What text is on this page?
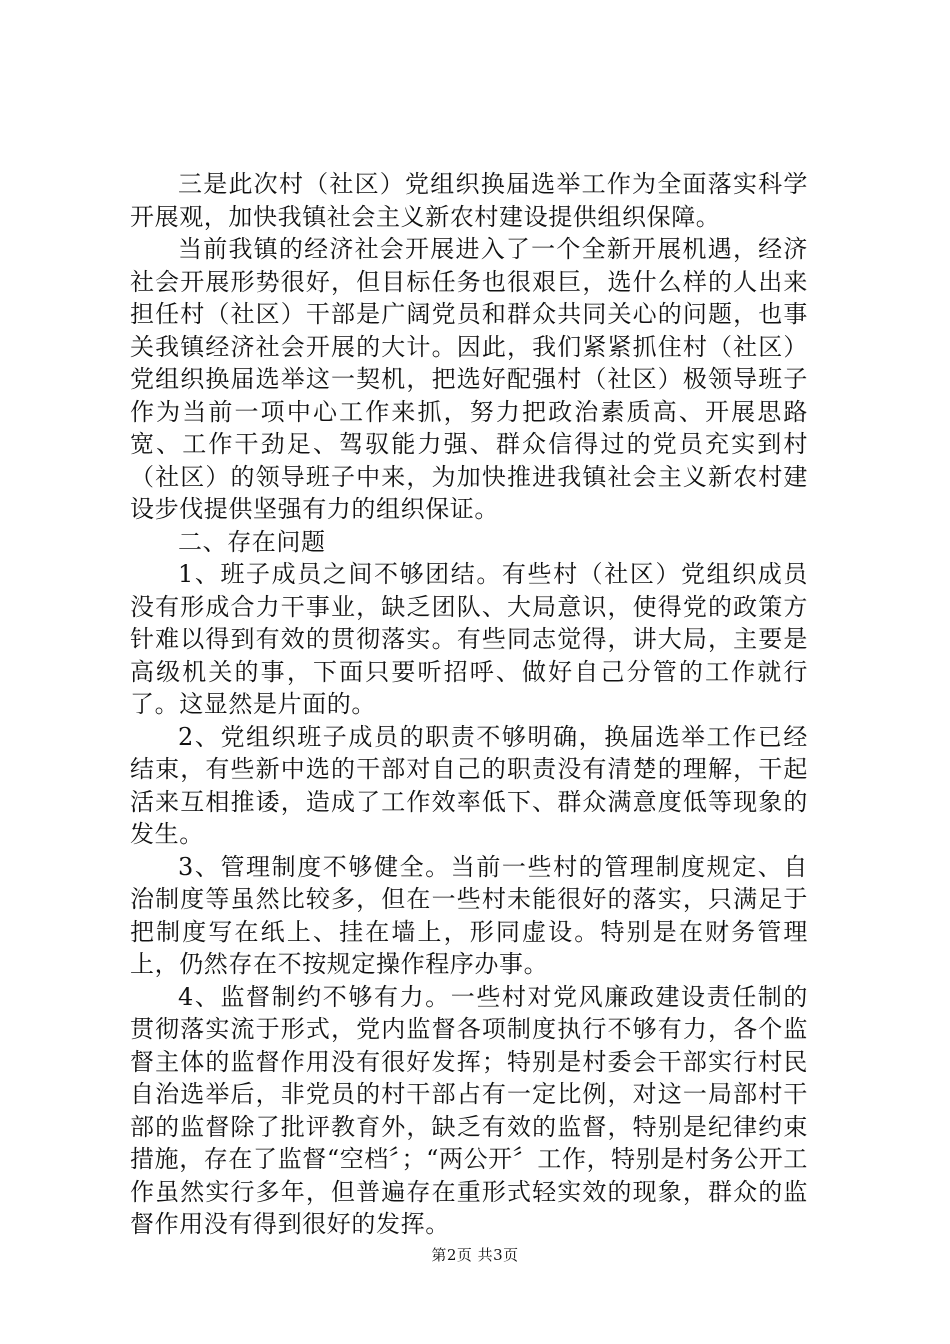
三是此次村（社区）党组织换届选举工作为全面落实科学开展观，加快我镇社会主义新农村建设提供组织保障。

当前我镇的经济社会开展进入了一个全新开展机遇，经济社会开展形势很好，但目标任务也很艰巨，选什么样的人出来担任村（社区）干部是广阔党员和群众共同关心的问题，也事关我镇经济社会开展的大计。因此，我们紧紧抓住村（社区）党组织换届选举这一契机，把选好配强村（社区）极领导班子作为当前一项中心工作来抓，努力把政治素质高、开展思路宽、工作干劲足、驾驭能力强、群众信得过的党员充实到村（社区）的领导班子中来，为加快推进我镇社会主义新农村建设步伐提供坚强有力的组织保证。

二、存在问题

1、班子成员之间不够团结。有些村（社区）党组织成员没有形成合力干事业，缺乏团队、大局意识，使得党的政策方针难以得到有效的贯彻落实。有些同志觉得，讲大局，主要是高级机关的事，下面只要听招呼、做好自己分管的工作就行了。这显然是片面的。

2、党组织班子成员的职责不够明确，换届选举工作已经结束，有些新中选的干部对自己的职责没有清楚的理解，干起活来互相推诿，造成了工作效率低下、群众满意度低等现象的发生。

3、管理制度不够健全。当前一些村的管理制度规定、自治制度等虽然比较多，但在一些村未能很好的落实，只满足于把制度写在纸上、挂在墙上，形同虚设。特别是在财务管理上，仍然存在不按规定操作程序办事。

4、监督制约不够有力。一些村对党风廉政建设责任制的贯彻落实流于形式，党内监督各项制度执行不够有力，各个监督主体的监督作用没有很好发挥；特别是村委会干部实行村民自治选举后，非党员的村干部占有一定比例，对这一局部村干部的监督除了批评教育外，缺乏有效的监督，特别是纪律约束措施，存在了监督“空档〞；“两公开〞工作，特别是村务公开工作虽然实行多年，但普遍存在重形式轻实效的现象，群众的监督作用没有得到很好的发挥。

第2页 共3页
